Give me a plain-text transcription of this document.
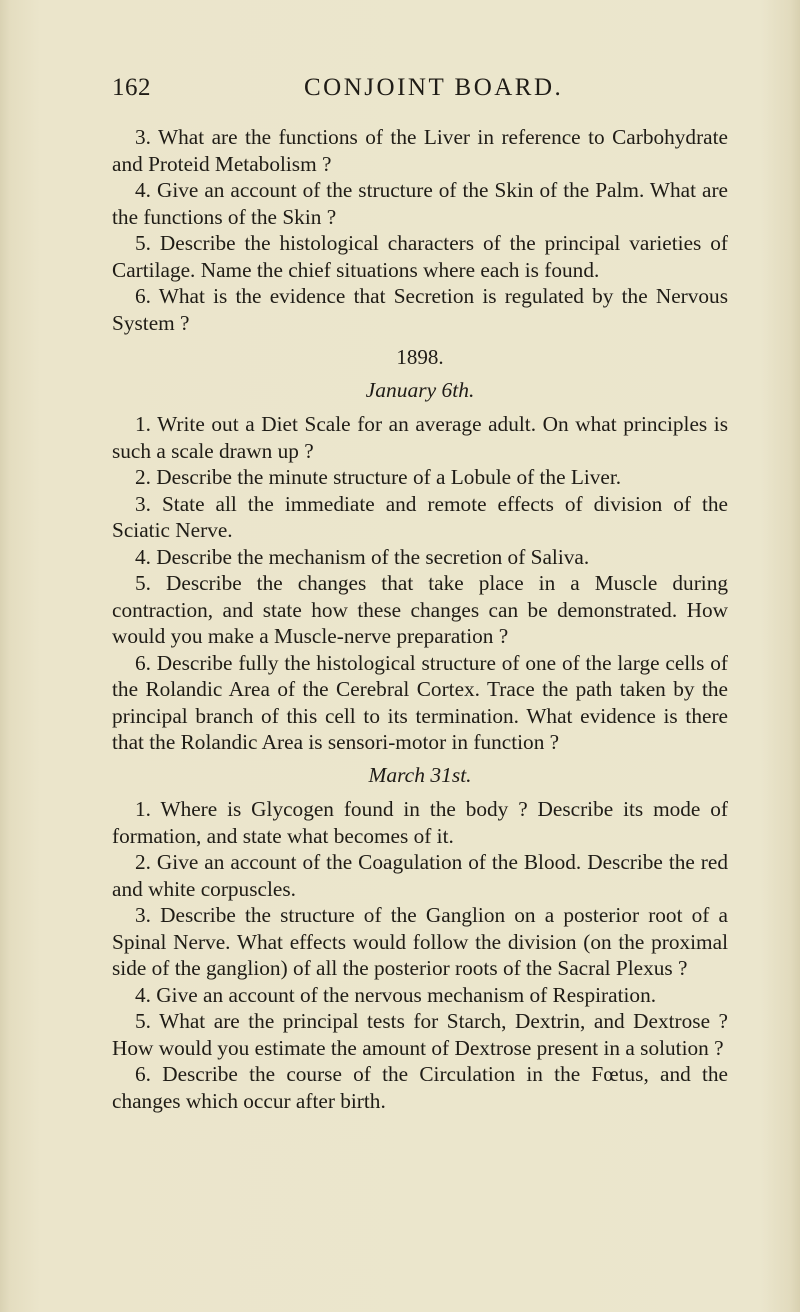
162	CONJOINT BOARD.

3. What are the functions of the Liver in reference to Carbohydrate and Proteid Metabolism ?

4. Give an account of the structure of the Skin of the Palm. What are the functions of the Skin ?

5. Describe the histological characters of the principal varieties of Cartilage. Name the chief situations where each is found.

6. What is the evidence that Secretion is regulated by the Nervous System ?

1898.
January 6th.

1. Write out a Diet Scale for an average adult. On what principles is such a scale drawn up ?

2. Describe the minute structure of a Lobule of the Liver.

3. State all the immediate and remote effects of division of the Sciatic Nerve.

4. Describe the mechanism of the secretion of Saliva.

5. Describe the changes that take place in a Muscle during contraction, and state how these changes can be demonstrated. How would you make a Muscle-nerve preparation ?

6. Describe fully the histological structure of one of the large cells of the Rolandic Area of the Cerebral Cortex. Trace the path taken by the principal branch of this cell to its termination. What evidence is there that the Rolandic Area is sensori-motor in function ?

March 31st.

1. Where is Glycogen found in the body ? Describe its mode of formation, and state what becomes of it.

2. Give an account of the Coagulation of the Blood. Describe the red and white corpuscles.

3. Describe the structure of the Ganglion on a posterior root of a Spinal Nerve. What effects would follow the division (on the proximal side of the ganglion) of all the posterior roots of the Sacral Plexus ?

4. Give an account of the nervous mechanism of Respiration.

5. What are the principal tests for Starch, Dextrin, and Dextrose ? How would you estimate the amount of Dextrose present in a solution ?

6. Describe the course of the Circulation in the Fœtus, and the changes which occur after birth.
